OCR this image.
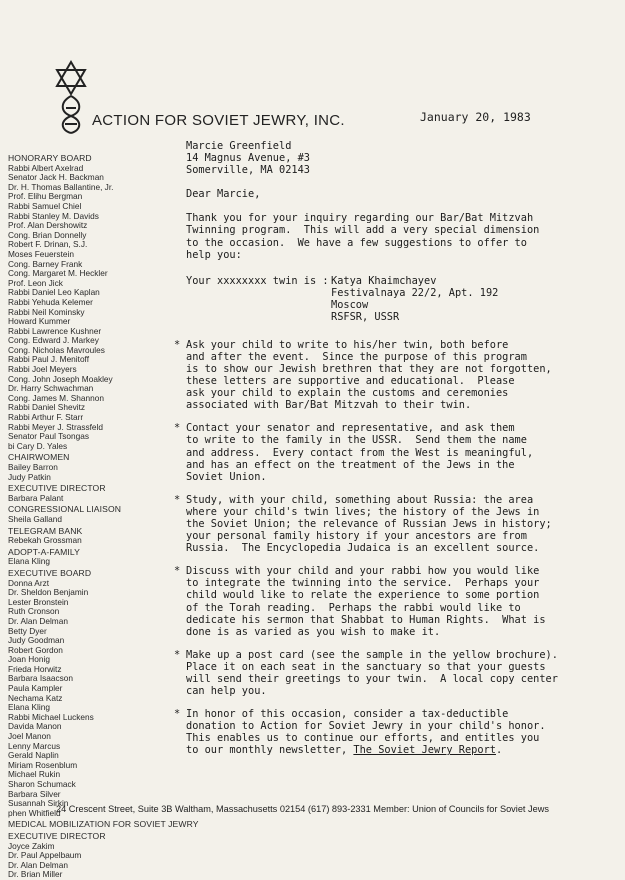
ACTION FOR SOVIET JEWRY, INC.	January 20, 1983
HONORARY BOARD
Rabbi Albert Axelrad
Senator Jack H. Backman
Dr. H. Thomas Ballantine, Jr.
Prof. Elihu Bergman
Rabbi Samuel Chiel
Rabbi Stanley M. Davids
Prof. Alan Dershowitz
Cong. Brian Donnelly
Robert F. Drinan, S.J.
Moses Feuerstein
Cong. Barney Frank
Cong. Margaret M. Heckler
Prof. Leon Jick
Rabbi Daniel Leo Kaplan
Rabbi Yehuda Kelemer
Rabbi Neil Kominsky
Howard Kummer
Rabbi Lawrence Kushner
Cong. Edward J. Markey
Cong. Nicholas Mavroules
Rabbi Paul J. Menitoff
Rabbi Joel Meyers
Cong. John Joseph Moakley
Dr. Harry Schwachman
Cong. James M. Shannon
Rabbi Daniel Shevitz
Rabbi Arthur F. Starr
Rabbi Meyer J. Strassfeld
Senator Paul Tsongas
bi Cary D. Yales
CHAIRWOMEN
Bailey Barron
Judy Patkin
EXECUTIVE DIRECTOR
Barbara Palant
CONGRESSIONAL LIAISON
Sheila Galland
TELEGRAM BANK
Rebekah Grossman
ADOPT-A-FAMILY
Elana Kling
EXECUTIVE BOARD
Donna Arzt
Dr. Sheldon Benjamin
Lester Bronstein
Ruth Cronson
Dr. Alan Delman
Betty Dyer
Judy Goodman
Robert Gordon
Joan Honig
Frieda Horwitz
Barbara Isaacson
Paula Kampler
Nechama Katz
Elana Kling
Rabbi Michael Luckens
Davida Manon
Joel Manon
Lenny Marcus
Gerald Naplin
Miriam Rosenblum
Michael Rukin
Sharon Schumack
Barbara Silver
Susannah Sirkin
phen Whitfield
MEDICAL MOBILIZATION FOR SOVIET JEWRY
EXECUTIVE DIRECTOR
Joyce Zakim
Dr. Paul Appelbaum
Dr. Alan Delman
Dr. Brian Miller
Marcie Greenfield
14 Magnus Avenue, #3
Somerville, MA 02143
Dear Marcie,
Thank you for your inquiry regarding our Bar/Bat Mitzvah
Twinning program.  This will add a very special dimension
to the occasion.  We have a few suggestions to offer to
help you:
Your xxxxxxxx twin is : Katya Khaimchayev
Festivalnaya 22/2, Apt. 192
Moscow
RSFSR, USSR
* Ask your child to write to his/her twin, both before
and after the event.  Since the purpose of this program
is to show our Jewish brethren that they are not forgotten,
these letters are supportive and educational.  Please
ask your child to explain the customs and ceremonies
associated with Bar/Bat Mitzvah to their twin.
* Contact your senator and representative, and ask them
to write to the family in the USSR.  Send them the name
and address.  Every contact from the West is meaningful,
and has an effect on the treatment of the Jews in the
Soviet Union.
* Study, with your child, something about Russia: the area
where your child's twin lives; the history of the Jews in
the Soviet Union; the relevance of Russian Jews in history;
your personal family history if your ancestors are from
Russia.  The Encyclopedia Judaica is an excellent source.
* Discuss with your child and your rabbi how you would like
to integrate the twinning into the service.  Perhaps your
child would like to relate the experience to some portion
of the Torah reading.  Perhaps the rabbi would like to
dedicate his sermon that Shabbat to Human Rights.  What is
done is as varied as you wish to make it.
* Make up a post card (see the sample in the yellow brochure).
Place it on each seat in the sanctuary so that your guests
will send their greetings to your twin.  A local copy center
can help you.
* In honor of this occasion, consider a tax-deductible
donation to Action for Soviet Jewry in your child's honor.
This enables us to continue our efforts, and entitles you
to our monthly newsletter, The Soviet Jewry Report.
24 Crescent Street, Suite 3B Waltham, Massachusetts 02154 (617) 893-2331 Member: Union of Councils for Soviet Jews
